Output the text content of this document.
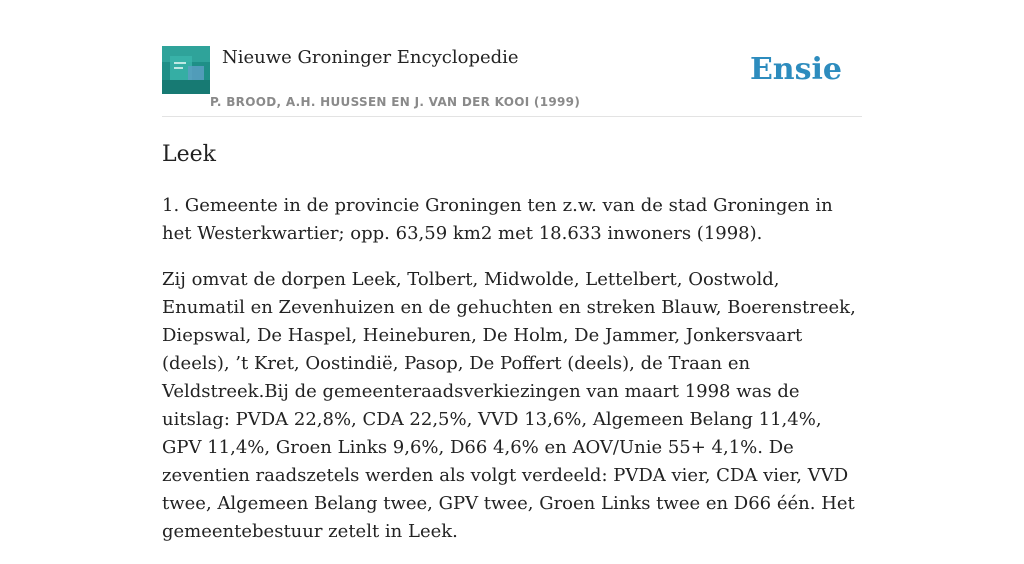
Nieuwe Groninger Encyclopedie
P. BROOD, A.H. HUUSSEN EN J. VAN DER KOOI (1999)
Ensie
Leek

1. Gemeente in de provincie Groningen ten z.w. van de stad Groningen in het Westerkwartier; opp. 63,59 km2 met 18.633 inwoners (1998).

Zij omvat de dorpen Leek, Tolbert, Midwolde, Lettelbert, Oostwold, Enumatil en Zevenhuizen en de gehuchten en streken Blauw, Boerenstreek, Diepswal, De Haspel, Heineburen, De Holm, De Jammer, Jonkersvaart (deels), ’t Kret, Oostindië, Pasop, De Poffert (deels), de Traan en Veldstreek.Bij de gemeenteraadsverkiezingen van maart 1998 was de uitslag: PVDA 22,8%, CDA 22,5%, VVD 13,6%, Algemeen Belang 11,4%, GPV 11,4%, Groen Links 9,6%, D66 4,6% en AOV/Unie 55+ 4,1%. De zeventien raadszetels werden als volgt verdeeld: PVDA vier, CDA vier, VVD twee, Algemeen Belang twee, GPV twee, Groen Links twee en D66 één. Het gemeentebestuur zetelt in Leek.
